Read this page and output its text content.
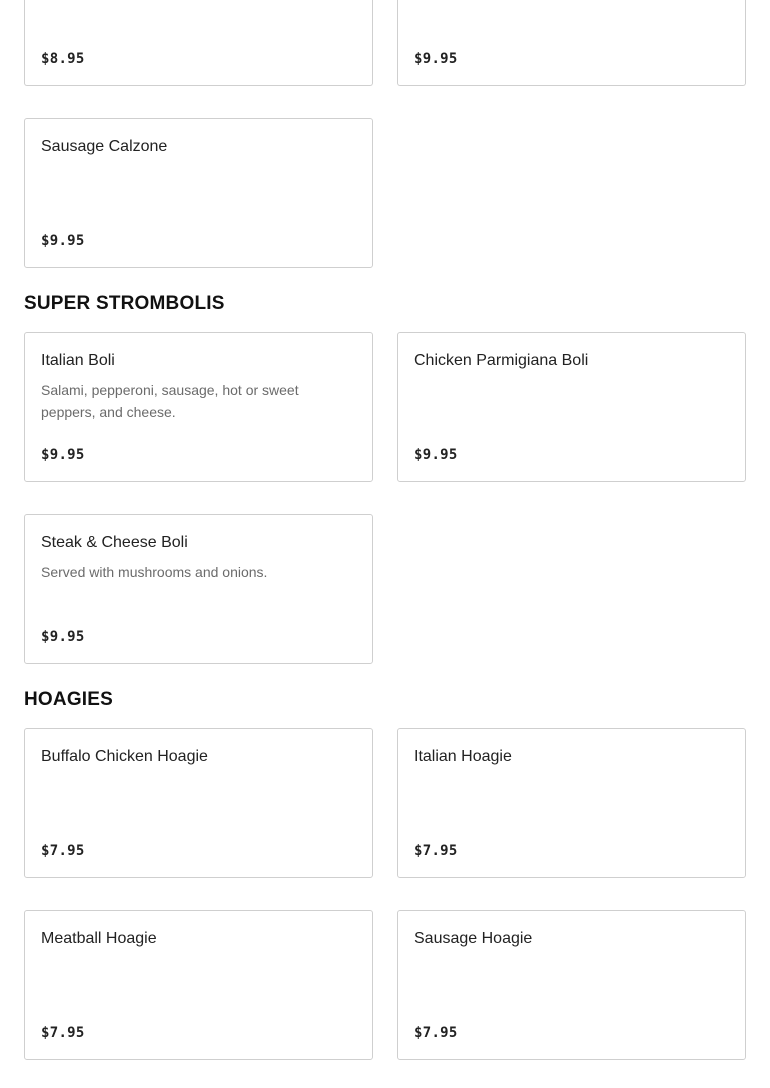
$8.95	$9.95
Sausage Calzone
$9.95
SUPER STROMBOLIS
Italian Boli
Salami, pepperoni, sausage, hot or sweet peppers, and cheese.
$9.95
Chicken Parmigiana Boli
$9.95
Steak & Cheese Boli
Served with mushrooms and onions.
$9.95
HOAGIES
Buffalo Chicken Hoagie
$7.95
Italian Hoagie
$7.95
Meatball Hoagie
$7.95
Sausage Hoagie
$7.95
